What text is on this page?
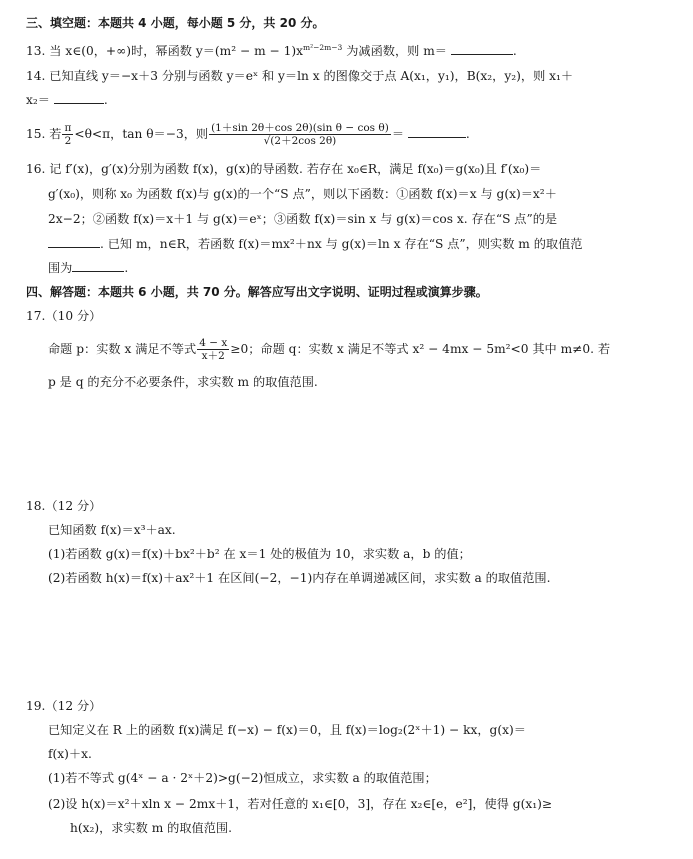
三、填空题：本题共 4 小题，每小题 5 分，共 20 分。
13. 当 x∈(0，+∞)时，幂函数 $y=(m^2 - m - 1)x^{m^2-2m-3}$ 为减函数，则 m＝	.
14. 已知直线 y＝−x＋3 分别与函数 y＝eˣ 和 y＝ln x 的图像交于点 A(x₁，y₁)，B(x₂，y₂)，则 x₁＋
x₂＝	.
15. 若 $\frac{\pi}{2} <\theta<\pi$，tan θ＝−3，则 $\frac{\text{(1＋sin 2θ＋cos 2θ)(sin θ − cos θ)}}{√(2+2\cos 2\theta)}$ ＝	.
16. 记 f′(x)，g′(x)分别为函数 f(x)，g(x)的导函数. 若存在 x₀∈R，满足 f(x₀)＝g(x₀)且 f′(x₀)＝
g′(x₀)，则称 x₀ 为函数 f(x)与 g(x)的一个“S 点”，则以下函数：①函数 f(x)＝x 与 g(x)＝x²＋
2x−2；②函数 f(x)＝x＋1 与 g(x)＝eˣ；③函数 f(x)＝sin x 与 g(x)＝cos x. 存在“S 点”的是
. 已知 m，n∈R，若函数 f(x)＝mx²＋nx 与 g(x)＝ln x 存在“S 点”，则实数 m 的取值范
围为	.
四、解答题：本题共 6 小题，共 70 分。解答应写出文字说明、证明过程或演算步骤。
17.（10 分）
命题 p：实数 x 满足不等式 $\frac{4 - x}{x+2} \ge 0$；命题 q：实数 x 满足不等式 x² − 4mx − 5m²<0 其中 m≠0. 若
p 是 q 的充分不必要条件，求实数 m 的取值范围.
18.（12 分）
已知函数 f(x)＝x³＋ax.
(1)若函数 g(x)＝f(x)＋bx²＋b² 在 x＝1 处的极值为 10，求实数 a，b 的值；
(2)若函数 h(x)＝f(x)＋ax²＋1 在区间(−2，−1)内存在单调递减区间，求实数 a 的取值范围.
19.（12 分）
已知定义在 R 上的函数 f(x)满足 f(−x) − f(x)＝0，且 f(x)＝log₂(2ˣ＋1) − kx，g(x)＝
f(x)＋x.
(1)若不等式 g(4ˣ − a · 2ˣ＋2)>g(−2)恒成立，求实数 a 的取值范围；
(2)设 h(x)＝x²＋xln x − 2mx＋1，若对任意的 x₁∈[0，3]，存在 x₂∈[e，e²]，使得 g(x₁)≥
h(x₂)，求实数 m 的取值范围.
